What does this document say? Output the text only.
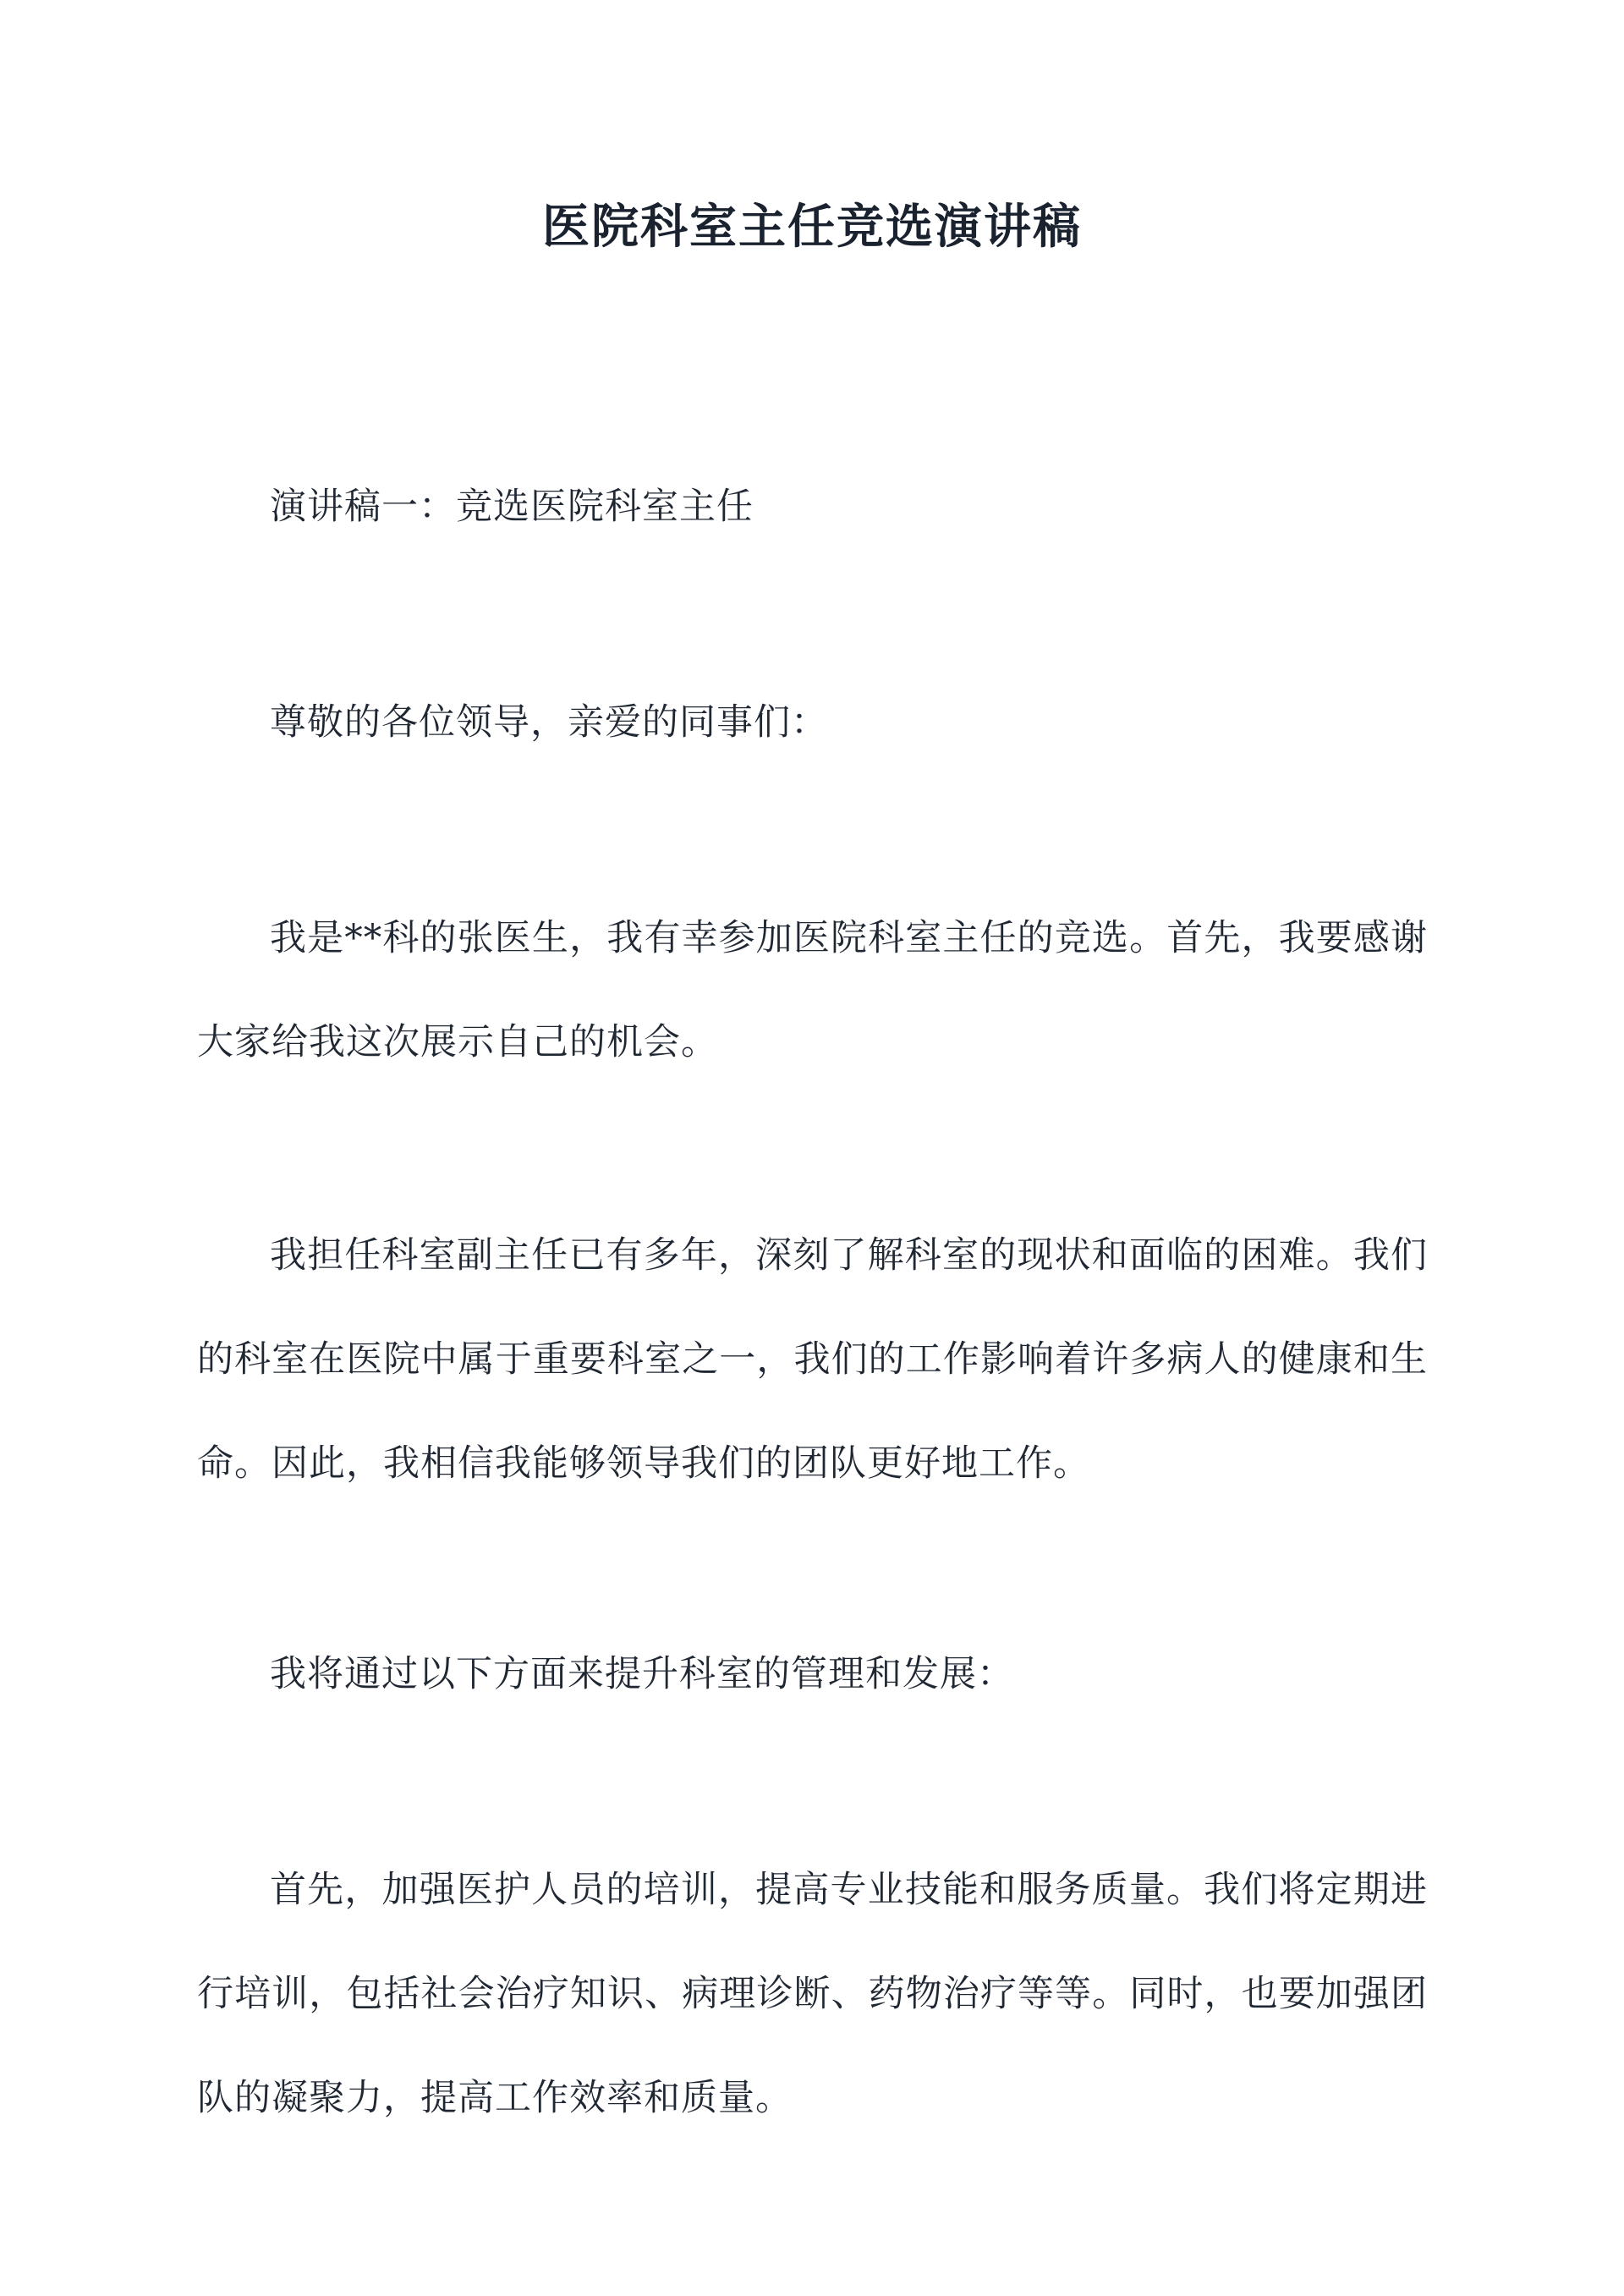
医院科室主任竞选演讲稿

演讲稿一：竞选医院科室主任

尊敬的各位领导，亲爱的同事们：

我是**科的张医生，我有幸参加医院科室主任的竞选。首先，我要感谢大家给我这次展示自己的机会。

我担任科室副主任已有多年，深刻了解科室的现状和面临的困难。我们的科室在医院中属于重要科室之一，我们的工作影响着许多病人的健康和生命。因此，我相信我能够领导我们的团队更好地工作。

我将通过以下方面来提升科室的管理和发展：

首先，加强医护人员的培训，提高专业技能和服务质量。我们将定期进行培训，包括社会治疗知识、病理诊断、药物治疗等等。同时，也要加强团队的凝聚力，提高工作效率和质量。
